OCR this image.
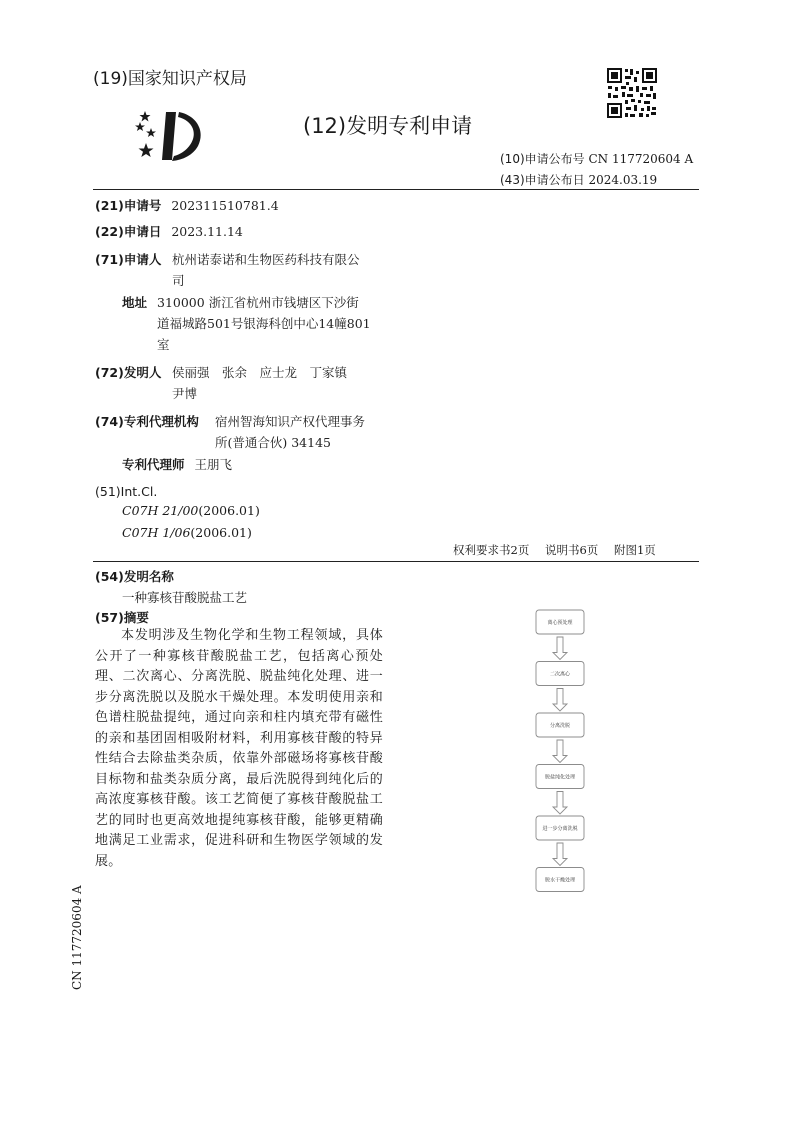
(19)国家知识产权局
(12)发明专利申请
(10)申请公布号 CN 117720604 A
(43)申请公布日 2024.03.19
(21)申请号 202311510781.4
(22)申请日 2023.11.14
(71)申请人 杭州诺泰诺和生物医药科技有限公
司
地址 310000 浙江省杭州市钱塘区下沙街
道福城路501号银海科创中心14幢801
室
(72)发明人 侯丽强　张余　应士龙　丁家镇
尹博
(74)专利代理机构 宿州智海知识产权代理事务
所(普通合伙) 34145
专利代理师 王朋飞
(51)Int.Cl.
C07H 21/00(2006.01)
C07H 1/06(2006.01)
权利要求书2页 说明书6页 附图1页
(54)发明名称
一种寡核苷酸脱盐工艺
(57)摘要
本发明涉及生物化学和生物工程领域，具体公开了一种寡核苷酸脱盐工艺，包括离心预处理、二次离心、分离洗脱、脱盐纯化处理、进一步分离洗脱以及脱水干燥处理。本发明使用亲和色谱柱脱盐提纯，通过向亲和柱内填充带有磁性的亲和基团固相吸附材料，利用寡核苷酸的特异性结合去除盐类杂质，依靠外部磁场将寡核苷酸目标物和盐类杂质分离，最后洗脱得到纯化后的高浓度寡核苷酸。该工艺简便了寡核苷酸脱盐工艺的同时也更高效地提纯寡核苷酸，能够更精确地满足工业需求，促进科研和生物医学领域的发展。
离心预处理
二次离心
分离洗脱
脱盐纯化处理
进一步分离洗脱
脱水干燥处理
CN 117720604 A
